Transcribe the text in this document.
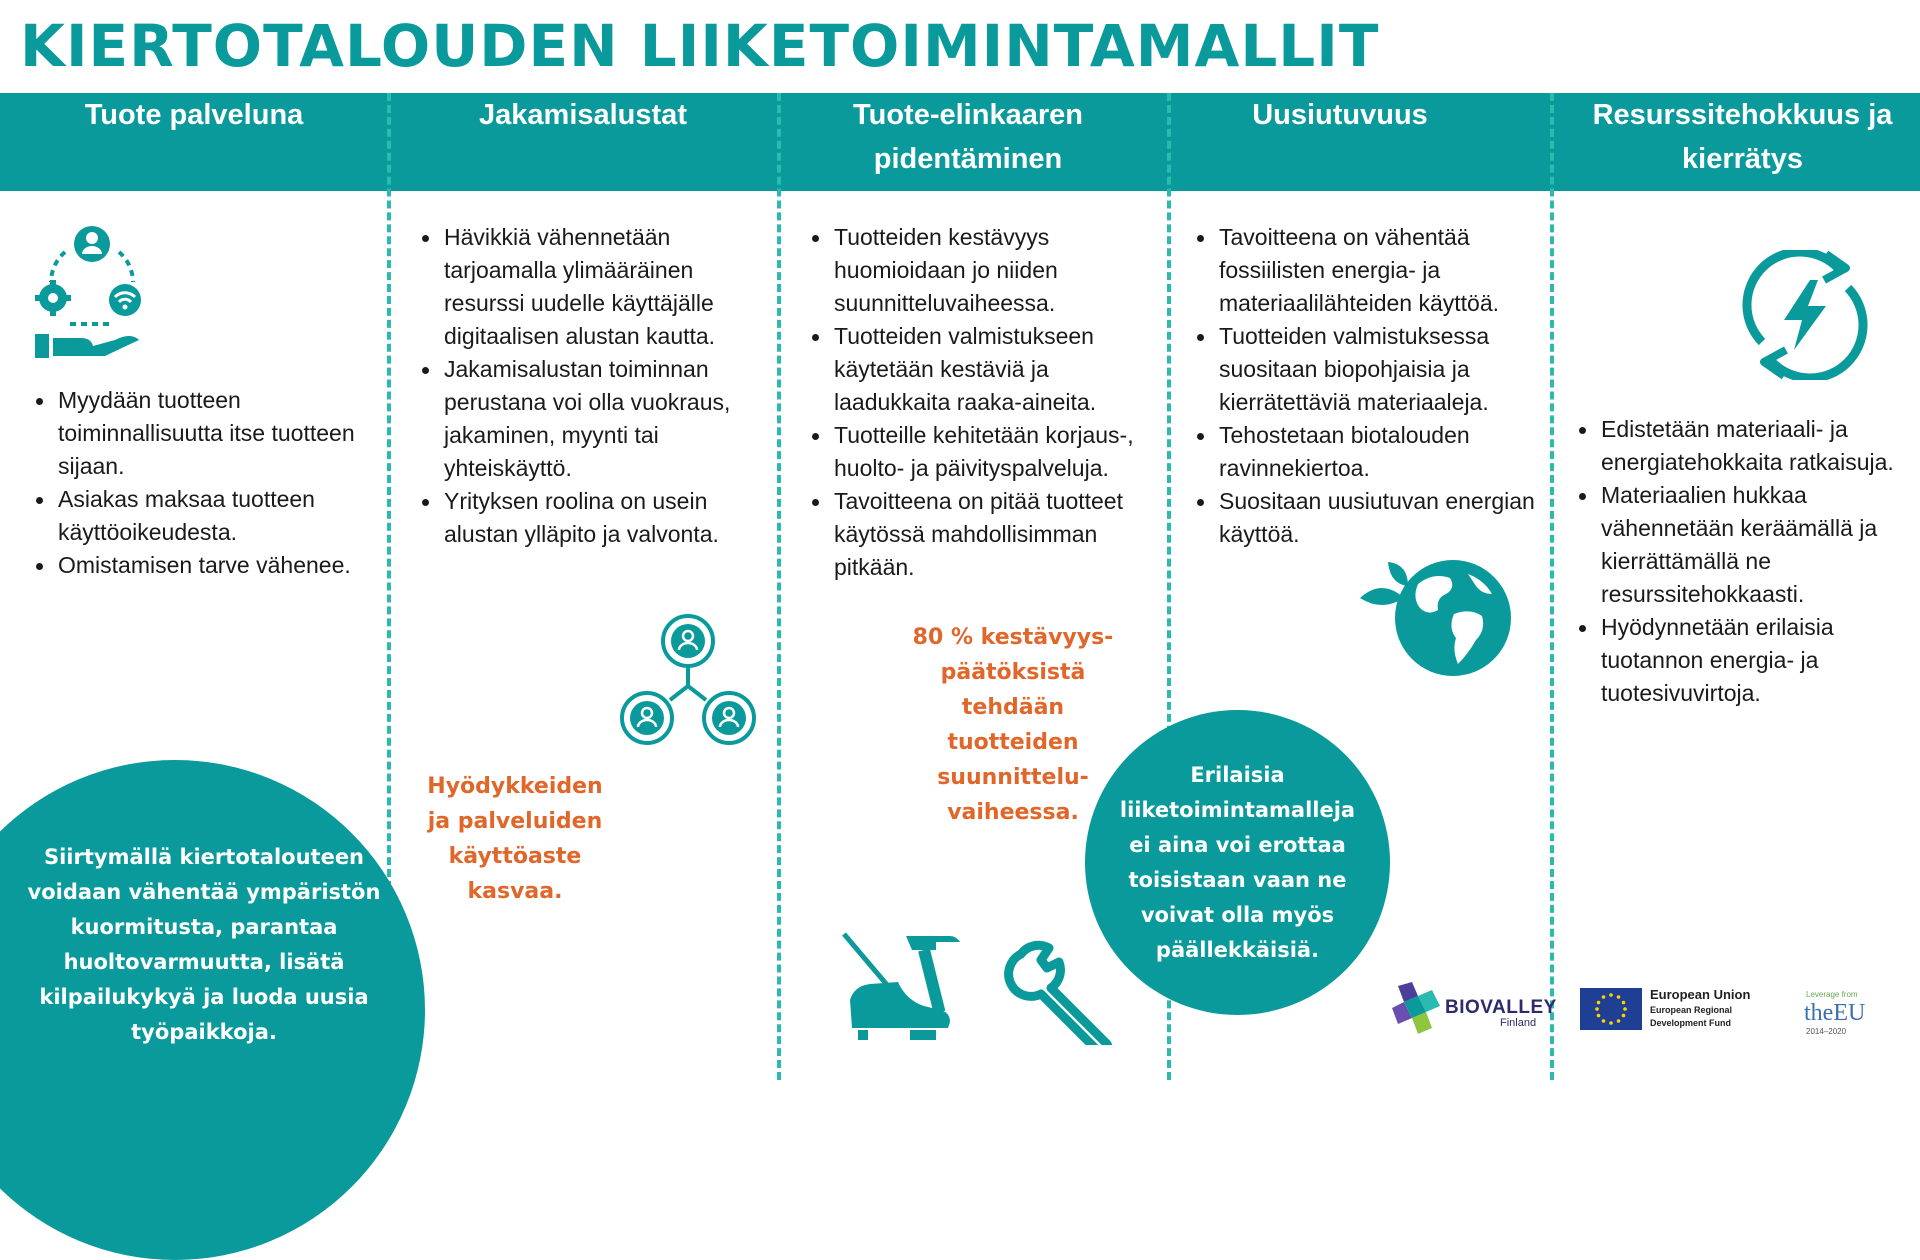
KIERTOTALOUDEN LIIKETOIMINTAMALLIT
Tuote palveluna	Jakamisalustat	Tuote-elinkaaren pidentäminen
Uusiutuvuus	Resurssitehokkuus ja kierrätys
Myydään tuotteen toiminnallisuutta itse tuotteen sijaan.
Asiakas maksaa tuotteen käyttöoikeudesta.
Omistamisen tarve vähenee.
Hävikkiä vähennetään tarjoamalla ylimääräinen resurssi uudelle käyttäjälle digitaalisen alustan kautta.
Jakamisalustan toiminnan perustana voi olla vuokraus, jakaminen, myynti tai yhteiskäyttö.
Yrityksen roolina on usein alustan ylläpito ja valvonta.
Hyödykkeiden ja palveluiden käyttöaste kasvaa.
Tuotteiden kestävyys huomioidaan jo niiden suunnitteluvaiheessa.
Tuotteiden valmistukseen käytetään kestäviä ja laadukkaita raaka-aineita.
Tuotteille kehitetään korjaus-, huolto- ja päivityspalveluja.
Tavoitteena on pitää tuotteet käytössä mahdollisimman pitkään.
80 % kestävyys-päätöksistä tehdään tuotteiden suunnittelu-vaiheessa.
Tavoitteena on vähentää fossiilisten energia- ja materiaalilähteiden käyttöä.
Tuotteiden valmistuksessa suositaan biopohjaisia ja kierrätettäviä materiaaleja.
Tehostetaan biotalouden ravinnekiertoa.
Suositaan uusiutuvan energian käyttöä.
Edistetään materiaali- ja energiatehokkaita ratkaisuja.
Materiaalien hukkaa vähennetään keräämällä ja kierrättämällä ne resurssitehokkaasti.
Hyödynnetään erilaisia tuotannon energia- ja tuotesivuvirtoja.
Siirtymällä kiertotalouteen voidaan vähentää ympäristön kuormitusta, parantaa huoltovarmuutta, lisätä kilpailukykyä ja luoda uusia työpaikkoja.
Erilaisia liiketoimintamalleja ei aina voi erottaa toisistaan vaan ne voivat olla myös päällekkäisiä.
BIOVALLEY
Finland
European Union
European Regional
Development Fund
Leverage from
theEU
2014–2020
